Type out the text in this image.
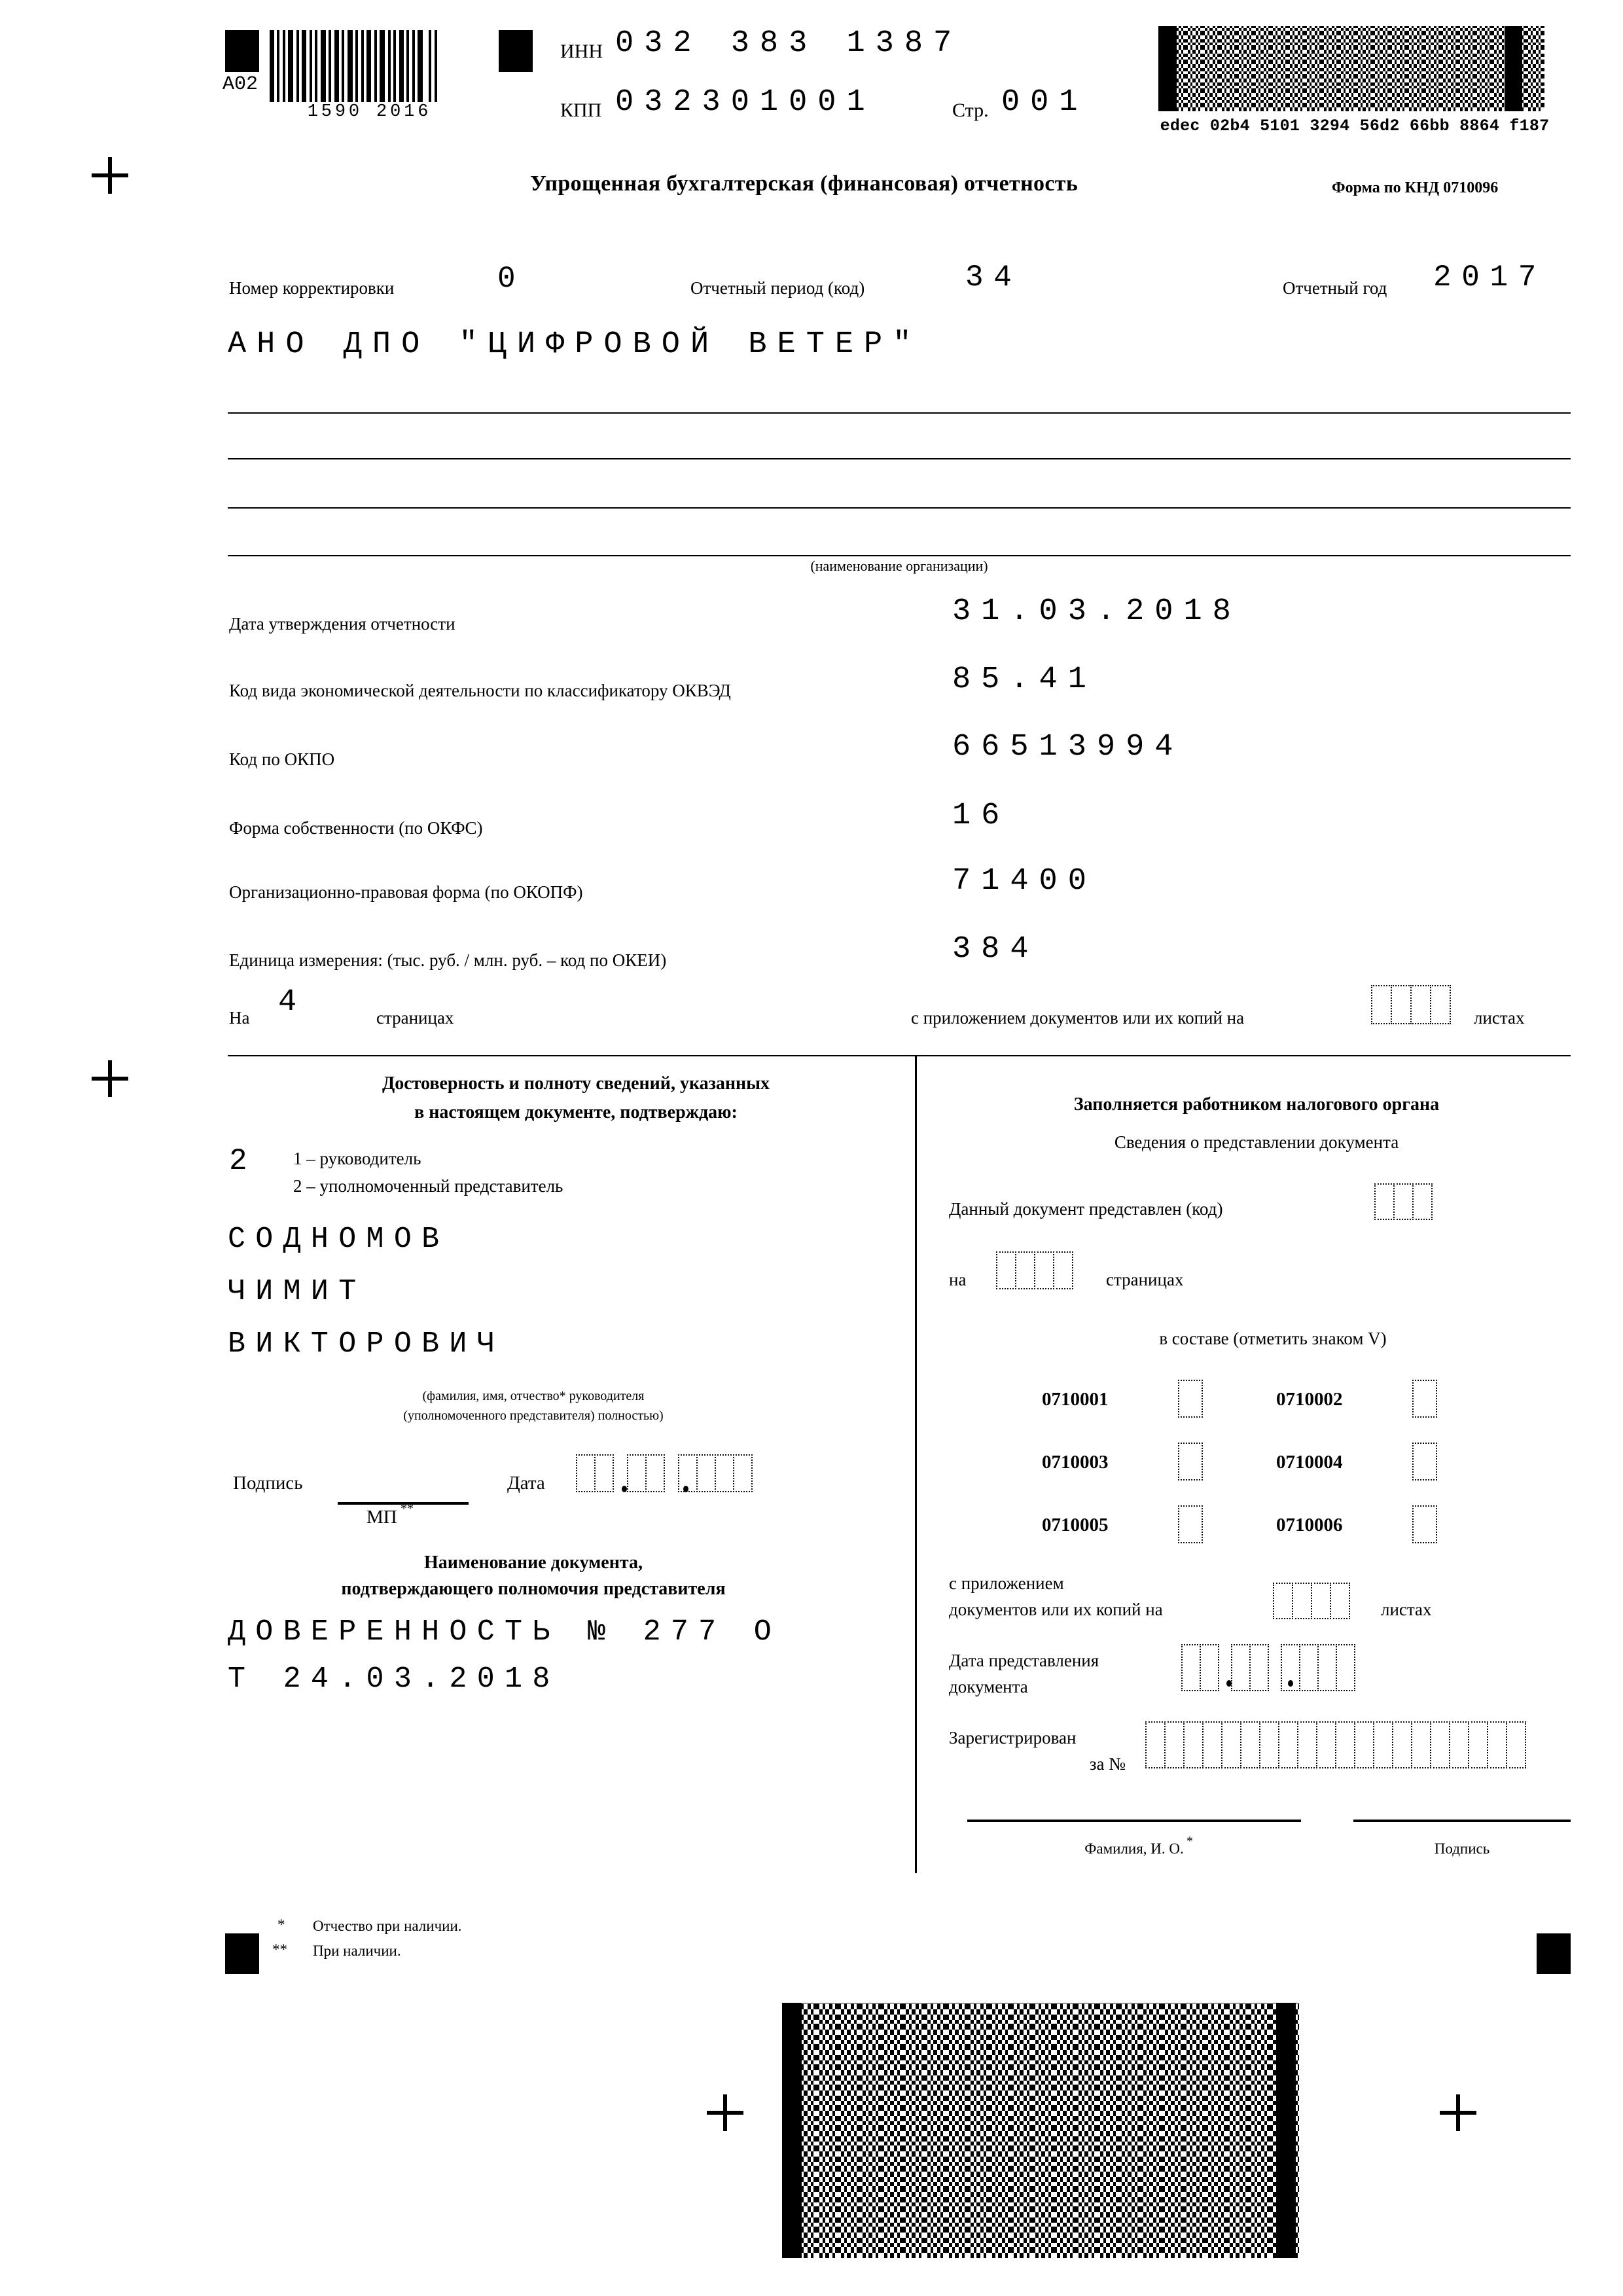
A02
1590 2016
ИНН 032 383 1387
КПП 032301001	Стр. 001
edec 02b4 5101 3294 56d2 66bb 8864 f187
Упрощенная бухгалтерская (финансовая) отчетность	Форма по КНД 0710096
Номер корректировки	0	Отчетный период (код)	34	Отчетный год 2017
АНО ДПО "ЦИФРОВОЙ ВЕТЕР"
(наименование организации)
Дата утверждения отчетности	31.03.2018
Код вида экономической деятельности по классификатору ОКВЭД	85.41
Код по ОКПО	66513994
Форма собственности (по ОКФС)	16
Организационно-правовая форма (по ОКОПФ)	71400
Единица измерения: (тыс. руб. / млн. руб. – код по ОКЕИ)	384
На 4	страницах	с приложением документов или их копий на	листах
Достоверность и полноту сведений, указанных
в настоящем документе, подтверждаю:
2 1 – руководитель
2 – уполномоченный представитель
СОДНОМОВ
ЧИМИТ
ВИКТОРОВИЧ
(фамилия, имя, отчество* руководителя
(уполномоченного представителя) полностью)
Подпись
МП **
Дата
Наименование документа,
подтверждающего полномочия представителя
ДОВЕРЕННОСТЬ № 277 О
Т 24.03.2018
Заполняется работником налогового органа
Сведения о представлении документа
Данный документ представлен (код)
на	страницах
в составе (отметить знаком V)
0710001	0710002
0710003	0710004
0710005	0710006
с приложением
документов или их копий на	листах
Дата представления
документа
Зарегистрирован
за №
Фамилия, И. О. *	Подпись
* Отчество при наличии.
** При наличии.
